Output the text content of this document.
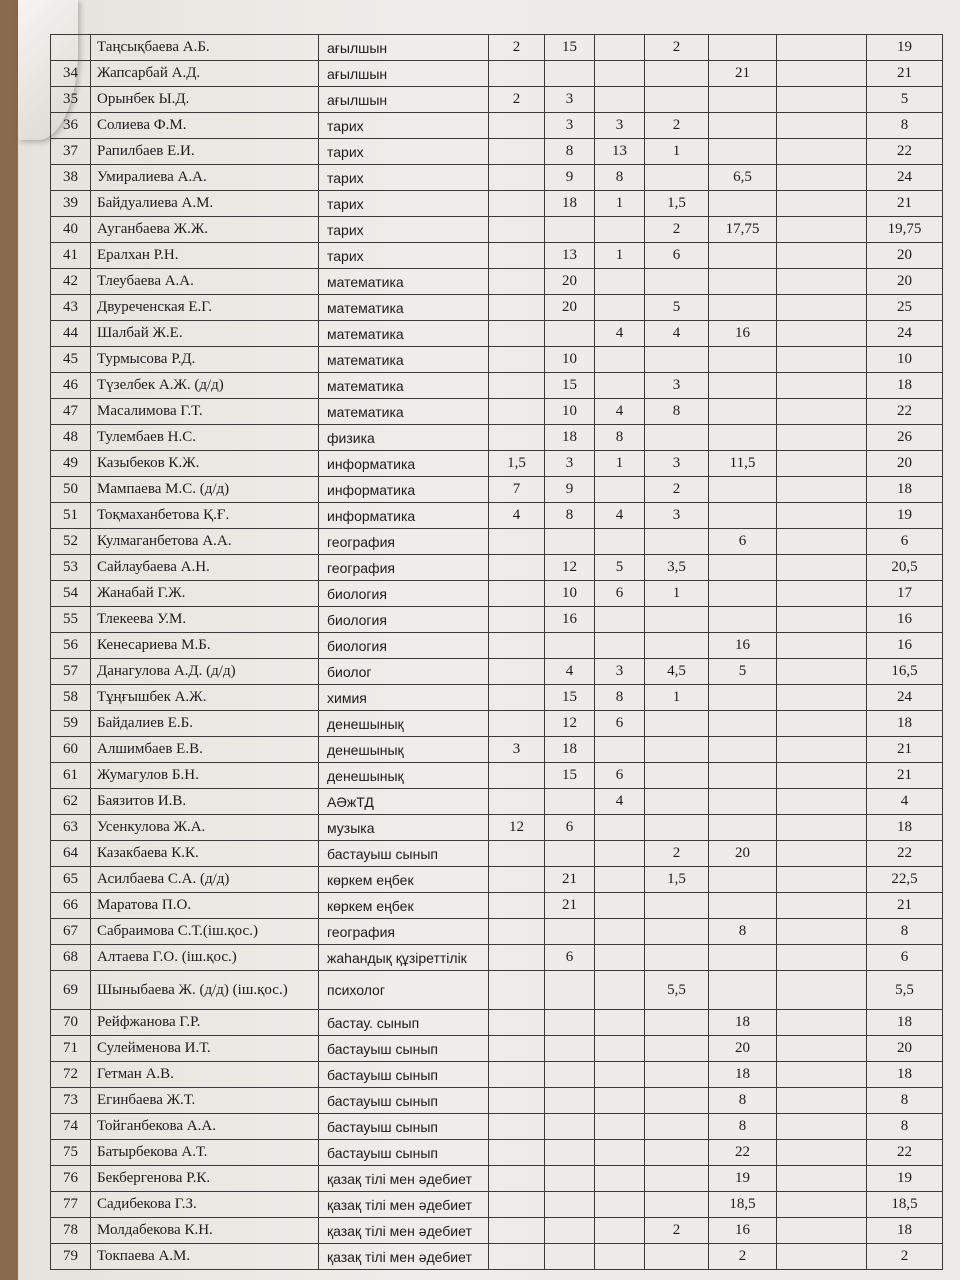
	Таңсықбаева А.Б.	ағылшын	2	15		2			19
34	Жапсарбай А.Д.	ағылшын					21		21
35	Орынбек Ы.Д.	ағылшын	2	3					5
36	Солиева Ф.М.	тарих		3	3	2			8
37	Рапилбаев Е.И.	тарих		8	13	1			22
38	Умиралиева А.А.	тарих		9	8		6,5		24
39	Байдуалиева А.М.	тарих		18	1	1,5			21
40	Ауганбаева Ж.Ж.	тарих				2	17,75		19,75
41	Ералхан Р.Н.	тарих		13	1	6			20
42	Тлеубаева А.А.	математика		20					20
43	Двуреченская Е.Г.	математика		20		5			25
44	Шалбай Ж.Е.	математика			4	4	16		24
45	Турмысова Р.Д.	математика		10					10
46	Түзелбек А.Ж. (д/д)	математика		15		3			18
47	Масалимова Г.Т.	математика		10	4	8			22
48	Тулембаев Н.С.	физика		18	8				26
49	Казыбеков К.Ж.	информатика	1,5	3	1	3	11,5		20
50	Мампаева М.С. (д/д)	информатика	7	9		2			18
51	Тоқмаханбетова Қ.Ғ.	информатика	4	8	4	3			19
52	Кулмаганбетова А.А.	география					6		6
53	Сайлаубаева А.Н.	география		12	5	3,5			20,5
54	Жанабай Г.Ж.	биология		10	6	1			17
55	Тлекеева У.М.	биология		16					16
56	Кенесариева М.Б.	биология					16		16
57	Данагулова А.Д. (д/д)	биолог		4	3	4,5	5		16,5
58	Тұңғышбек А.Ж.	химия		15	8	1			24
59	Байдалиев Е.Б.	денешынық		12	6				18
60	Алшимбаев Е.В.	денешынық	3	18					21
61	Жумагулов Б.Н.	денешынық		15	6				21
62	Баязитов И.В.	АӘжТД			4				4
63	Усенкулова Ж.А.	музыка	12	6					18
64	Казакбаева К.К.	бастауыш сынып				2	20		22
65	Асилбаева С.А. (д/д)	көркем еңбек		21		1,5			22,5
66	Маратова П.О.	көркем еңбек		21					21
67	Сабраимова С.Т.(іш.қос.)	география					8		8
68	Алтаева Г.О. (іш.қос.)	жаһандық құзіреттілік		6					6
69	Шыныбаева Ж. (д/д) (іш.қос.)	психолог				5,5			5,5
70	Рейфжанова Г.Р.	бастау. сынып					18		18
71	Сулейменова И.Т.	бастауыш сынып					20		20
72	Гетман А.В.	бастауыш сынып					18		18
73	Егинбаева Ж.Т.	бастауыш сынып					8		8
74	Тойганбекова А.А.	бастауыш сынып					8		8
75	Батырбекова А.Т.	бастауыш сынып					22		22
76	Бекбергенова Р.К.	қазақ тілі мен әдебиет					19		19
77	Садибекова Г.З.	қазақ тілі мен әдебиет					18,5		18,5
78	Молдабекова К.Н.	қазақ тілі мен әдебиет				2	16		18
79	Токпаева А.М.	қазақ тілі мен әдебиет					2		2
